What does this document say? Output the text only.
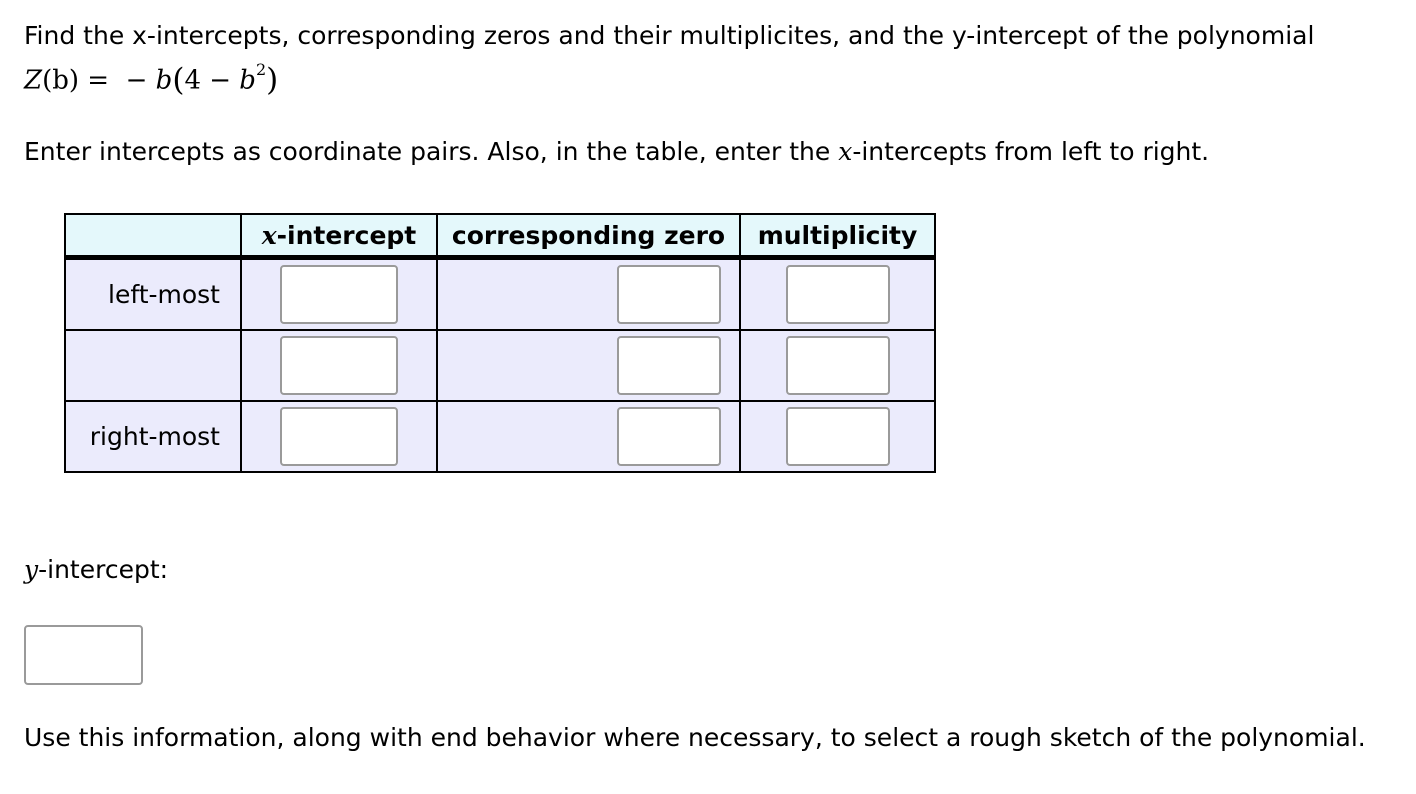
Find the x-intercepts, corresponding zeros and their multiplicites, and the y-intercept of the polynomial
Z(b) = − $b(4 - b^2)$
Enter intercepts as coordinate pairs. Also, in the table, enter the x-intercepts from left to right.
	x-intercept	corresponding zero	multiplicity
left-most			

right-most			
y-intercept:
Use this information, along with end behavior where necessary, to select a rough sketch of the polynomial.
